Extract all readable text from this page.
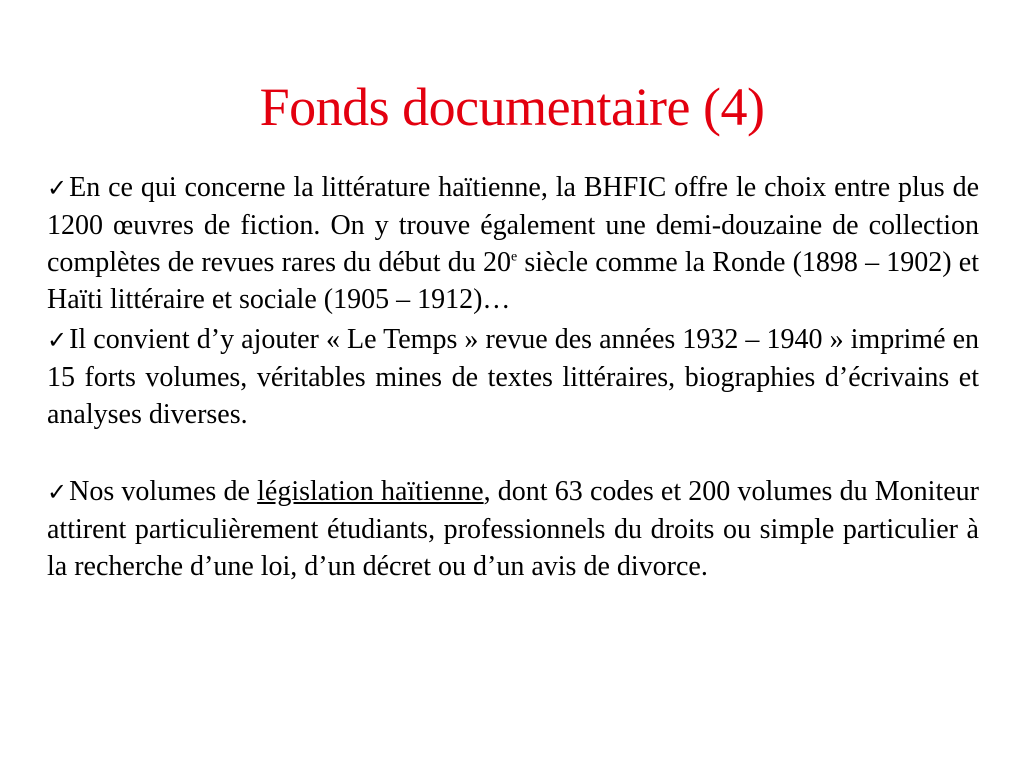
Fonds documentaire (4)

✓En ce qui concerne la littérature haïtienne, la BHFIC offre le choix entre plus de 1200 œuvres de fiction. On y trouve également une demi-douzaine de collection complètes de revues rares du début du 20e siècle comme la Ronde (1898 – 1902) et Haïti littéraire et sociale (1905 – 1912)…

✓Il convient d’y ajouter « Le Temps » revue des années 1932 – 1940 » imprimé en 15 forts volumes, véritables mines de textes littéraires, biographies d’écrivains et analyses diverses.

✓Nos volumes de législation haïtienne, dont 63 codes et 200 volumes du Moniteur attirent particulièrement étudiants, professionnels du droits ou simple particulier à la recherche d’une loi, d’un décret ou d’un avis de divorce.
